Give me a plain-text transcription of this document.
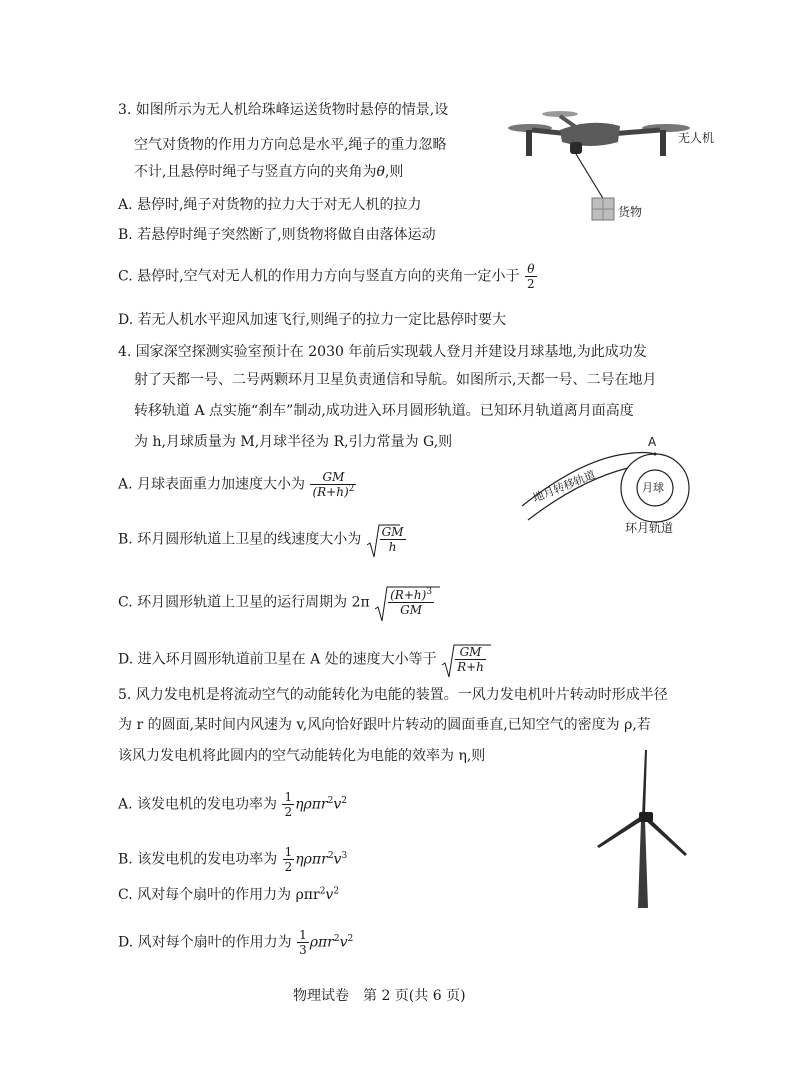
3. 如图所示为无人机给珠峰运送货物时悬停的情景,设
空气对货物的作用力方向总是水平,绳子的重力忽略
不计,且悬停时绳子与竖直方向的夹角为θ,则
A. 悬停时,绳子对货物的拉力大于对无人机的拉力
B. 若悬停时绳子突然断了,则货物将做自由落体运动
C. 悬停时,空气对无人机的作用力方向与竖直方向的夹角一定小于 $\frac{\theta}{2}$
D. 若无人机水平迎风加速飞行,则绳子的拉力一定比悬停时要大
无人机
货物
4. 国家深空探测实验室预计在 2030 年前后实现载人登月并建设月球基地,为此成功发
射了天都一号、二号两颗环月卫星负责通信和导航。如图所示,天都一号、二号在地月
转移轨道 A 点实施“刹车”制动,成功进入环月圆形轨道。已知环月轨道离月面高度
为 h,月球质量为 M,月球半径为 R,引力常量为 G,则
A. 月球表面重力加速度大小为 $\frac{GM}{(R+h)^2}$
B. 环月圆形轨道上卫星的线速度大小为 $\frac{GM}{h}$
C. 环月圆形轨道上卫星的运行周期为 $2\pi \frac{(R+h)^3}{GM}$
D. 进入环月圆形轨道前卫星在 A 处的速度大小等于 $\frac{GM}{R+h}$
A
月球
地月转移轨道
环月轨道
5. 风力发电机是将流动空气的动能转化为电能的装置。一风力发电机叶片转动时形成半径
为 r 的圆面,某时间内风速为 v,风向恰好跟叶片转动的圆面垂直,已知空气的密度为 ρ,若
该风力发电机将此圆内的空气动能转化为电能的效率为 η,则
A. 该发电机的发电功率为 $\frac{1}{2} \eta\rho\pi r^2v^2$
B. 该发电机的发电功率为 $\frac{1}{2} \eta\rho\pi r^2v^3$
C. 风对每个扇叶的作用力为 $\rho\pi r^2v^2$
D. 风对每个扇叶的作用力为 $\frac{1}{3} \rho\pi r^2v^2$
物理试卷　第 2 页(共 6 页)
